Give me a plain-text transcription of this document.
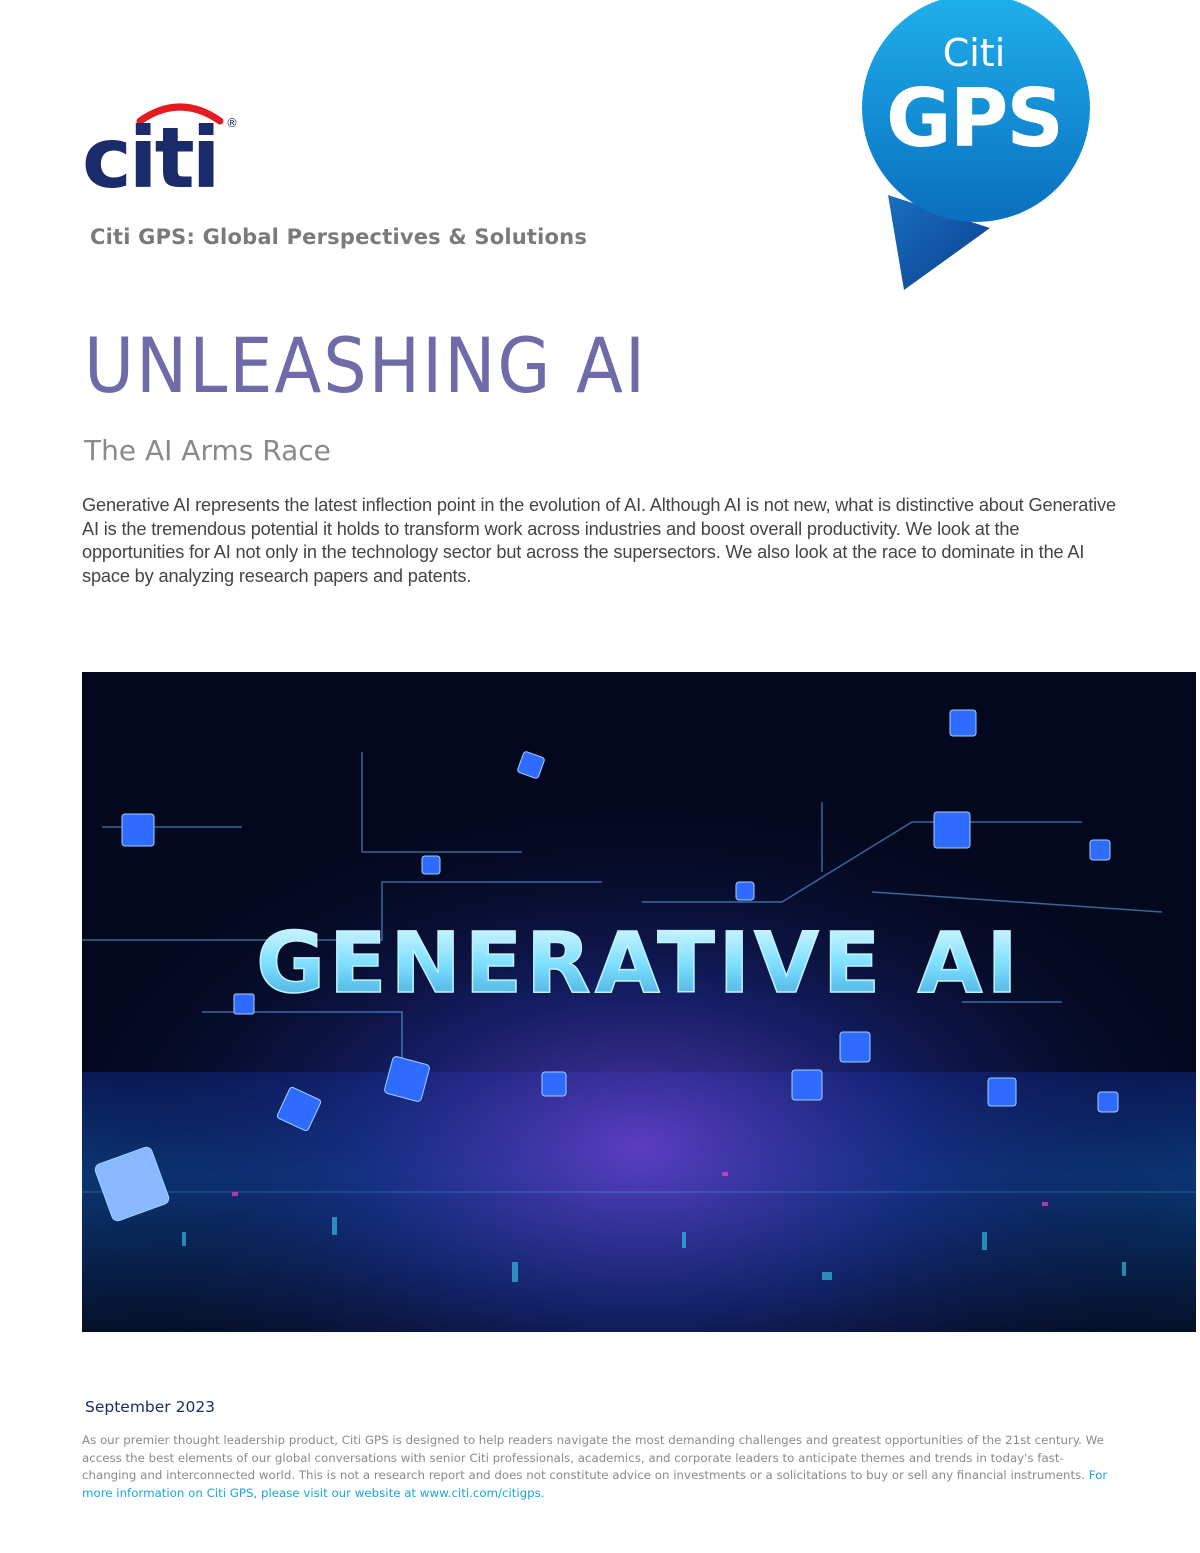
citi ®
Citi GPS: Global Perspectives & Solutions
Citi
GPS
UNLEASHING AI
The AI Arms Race

Generative AI represents the latest inflection point in the evolution of AI. Although AI is not new, what is distinctive about Generative AI is the tremendous potential it holds to transform work across industries and boost overall productivity. We look at the opportunities for AI not only in the technology sector but across the supersectors. We also look at the race to dominate in the AI space by analyzing research papers and patents.

GENERATIVE AI
September 2023

As our premier thought leadership product, Citi GPS is designed to help readers navigate the most demanding challenges and greatest opportunities of the 21st century. We access the best elements of our global conversations with senior Citi professionals, academics, and corporate leaders to anticipate themes and trends in today's fast-changing and interconnected world. This is not a research report and does not constitute advice on investments or a solicitations to buy or sell any financial instruments. For more information on Citi GPS, please visit our website at www.citi.com/citigps.
